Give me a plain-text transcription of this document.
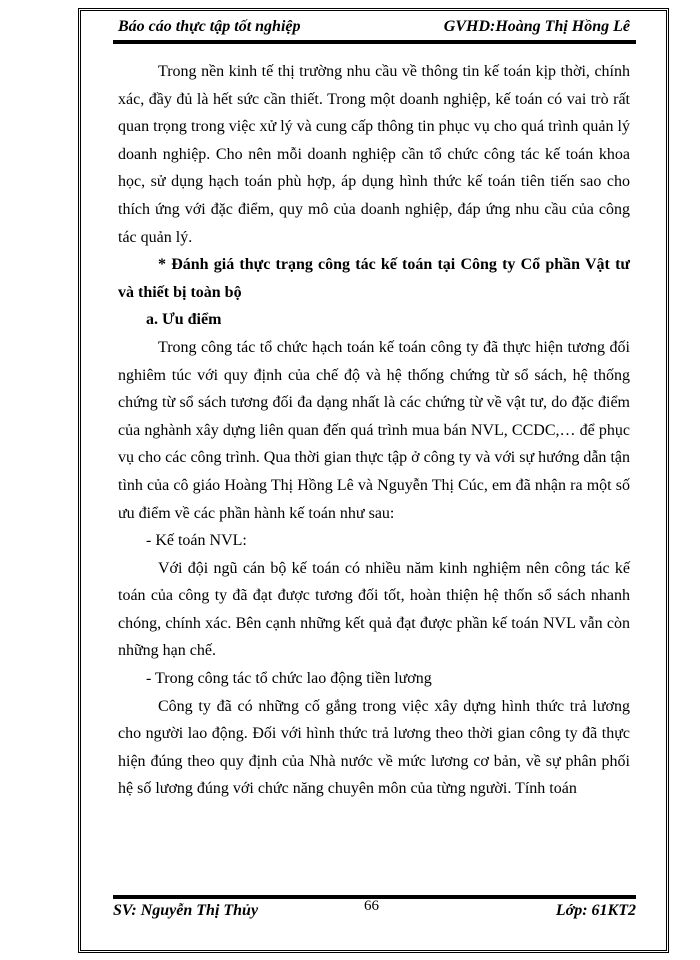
Báo cáo thực tập tốt nghiệp	GVHD:Hoàng Thị Hồng Lê

Trong nền kinh tế thị trường nhu cầu về thông tin kế toán kịp thời, chính xác, đầy đủ là hết sức cần thiết. Trong một doanh nghiệp, kế toán có vai trò rất quan trọng trong việc xử lý và cung cấp thông tin phục vụ cho quá trình quản lý doanh nghiệp. Cho nên mỗi doanh nghiệp cần tổ chức công tác kế toán khoa học, sử dụng hạch toán phù hợp, áp dụng hình thức kế toán tiên tiến sao cho thích ứng với đặc điểm, quy mô của doanh nghiệp, đáp ứng nhu cầu của công tác quản lý.

* Đánh giá thực trạng công tác kế toán tại Công ty Cổ phần Vật tư và thiết bị toàn bộ

a. Ưu điểm

Trong công tác tổ chức hạch toán kế toán công ty đã thực hiện tương đối nghiêm túc với quy định của chế độ và hệ thống chứng từ sổ sách, hệ thống chứng từ sổ sách tương đối đa dạng nhất là các chứng từ về vật tư, do đặc điểm của nghành xây dựng liên quan đến quá trình mua bán NVL, CCDC,… để phục vụ cho các công trình. Qua thời gian thực tập ở công ty và với sự hướng dẫn tận tình của cô giáo Hoàng Thị Hồng Lê và Nguyễn Thị Cúc, em đã nhận ra một số ưu điểm về các phần hành kế toán như sau:

- Kế toán NVL:

Với đội ngũ cán bộ kế toán có nhiều năm kinh nghiệm nên công tác kế toán của công ty đã đạt được tương đối tốt, hoàn thiện hệ thốn sổ sách nhanh chóng, chính xác. Bên cạnh những kết quả đạt được phần kế toán NVL vẫn còn những hạn chế.

- Trong công tác tổ chức lao động tiền lương

Công ty đã có những cố gắng trong việc xây dựng hình thức trả lương cho người lao động. Đối với hình thức trả lương theo thời gian công ty đã thực hiện đúng theo quy định của Nhà nước về mức lương cơ bản, về sự phân phối hệ số lương đúng với chức năng chuyên môn của từng người. Tính toán

SV: Nguyễn Thị Thủy	Lớp: 61KT2
66
